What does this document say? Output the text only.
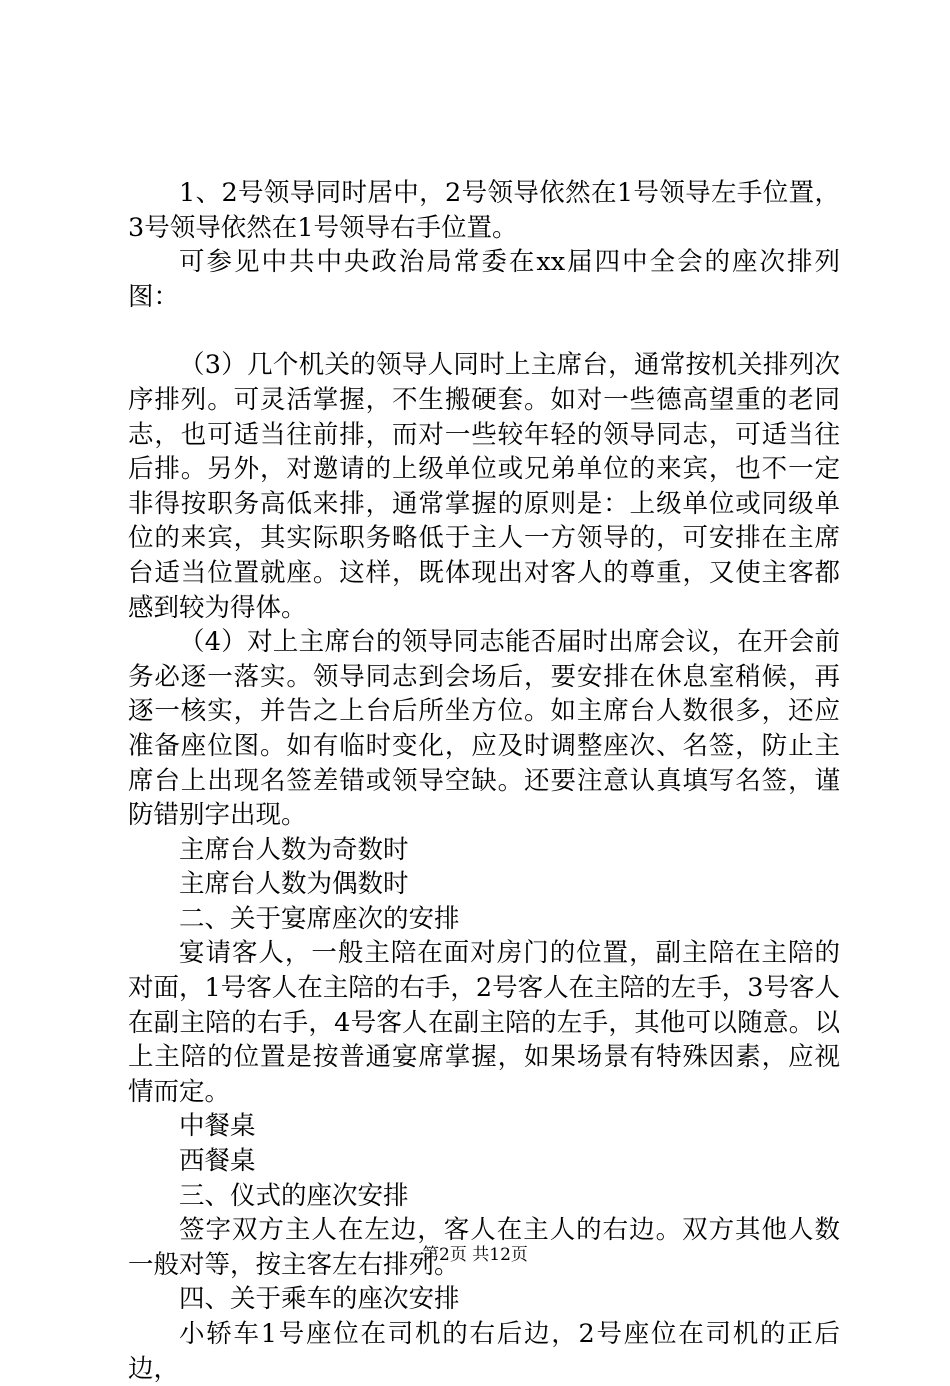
1、2号领导同时居中，2号领导依然在1号领导左手位置，3号领导依然在1号领导右手位置。

可参见中共中央政治局常委在xx届四中全会的座次排列图：

（3）几个机关的领导人同时上主席台，通常按机关排列次序排列。可灵活掌握，不生搬硬套。如对一些德高望重的老同志，也可适当往前排，而对一些较年轻的领导同志，可适当往后排。另外，对邀请的上级单位或兄弟单位的来宾，也不一定非得按职务高低来排，通常掌握的原则是：上级单位或同级单位的来宾，其实际职务略低于主人一方领导的，可安排在主席台适当位置就座。这样，既体现出对客人的尊重，又使主客都感到较为得体。

（4）对上主席台的领导同志能否届时出席会议，在开会前务必逐一落实。领导同志到会场后，要安排在休息室稍候，再逐一核实，并告之上台后所坐方位。如主席台人数很多，还应准备座位图。如有临时变化，应及时调整座次、名签，防止主席台上出现名签差错或领导空缺。还要注意认真填写名签，谨防错别字出现。

主席台人数为奇数时

主席台人数为偶数时

二、关于宴席座次的安排

宴请客人，一般主陪在面对房门的位置，副主陪在主陪的对面，1号客人在主陪的右手，2号客人在主陪的左手，3号客人在副主陪的右手，4号客人在副主陪的左手，其他可以随意。以上主陪的位置是按普通宴席掌握，如果场景有特殊因素，应视情而定。

中餐桌

西餐桌

三、仪式的座次安排

签字双方主人在左边，客人在主人的右边。双方其他人数一般对等，按主客左右排列。

四、关于乘车的座次安排

小轿车1号座位在司机的右后边，2号座位在司机的正后边，

第2页 共12页
